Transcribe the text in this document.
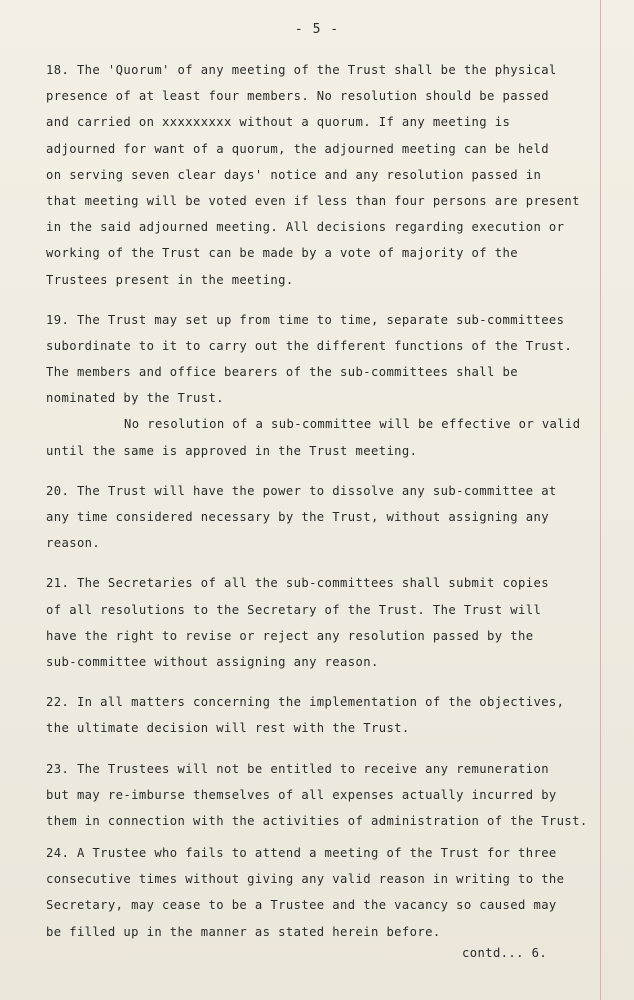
- 5 -
18. The 'Quorum' of any meeting of the Trust shall be the physical
presence of at least four members. No resolution should be passed
and carried on xxxxxxxxx without a quorum. If any meeting is
adjourned for want of a quorum, the adjourned meeting can be held
on serving seven clear days' notice and any resolution passed in
that meeting will be voted even if less than four persons are present
in the said adjourned meeting. All decisions regarding execution or
working of the Trust can be made by a vote of majority of the
Trustees present in the meeting.
19. The Trust may set up from time to time, separate sub-committees
subordinate to it to carry out the different functions of the Trust.
The members and office bearers of the sub-committees shall be
nominated by the Trust.
No resolution of a sub-committee will be effective or valid
until the same is approved in the Trust meeting.
20. The Trust will have the power to dissolve any sub-committee at
any time considered necessary by the Trust, without assigning any
reason.
21. The Secretaries of all the sub-committees shall submit copies
of all resolutions to the Secretary of the Trust. The Trust will
have the right to revise or reject any resolution passed by the
sub-committee without assigning any reason.
22. In all matters concerning the implementation of the objectives,
the ultimate decision will rest with the Trust.
23. The Trustees will not be entitled to receive any remuneration
but may re-imburse themselves of all expenses actually incurred by
them in connection with the activities of administration of the Trust.
24. A Trustee who fails to attend a meeting of the Trust for three
consecutive times without giving any valid reason in writing to the
Secretary, may cease to be a Trustee and the vacancy so caused may
be filled up in the manner as stated herein before.
contd... 6.
